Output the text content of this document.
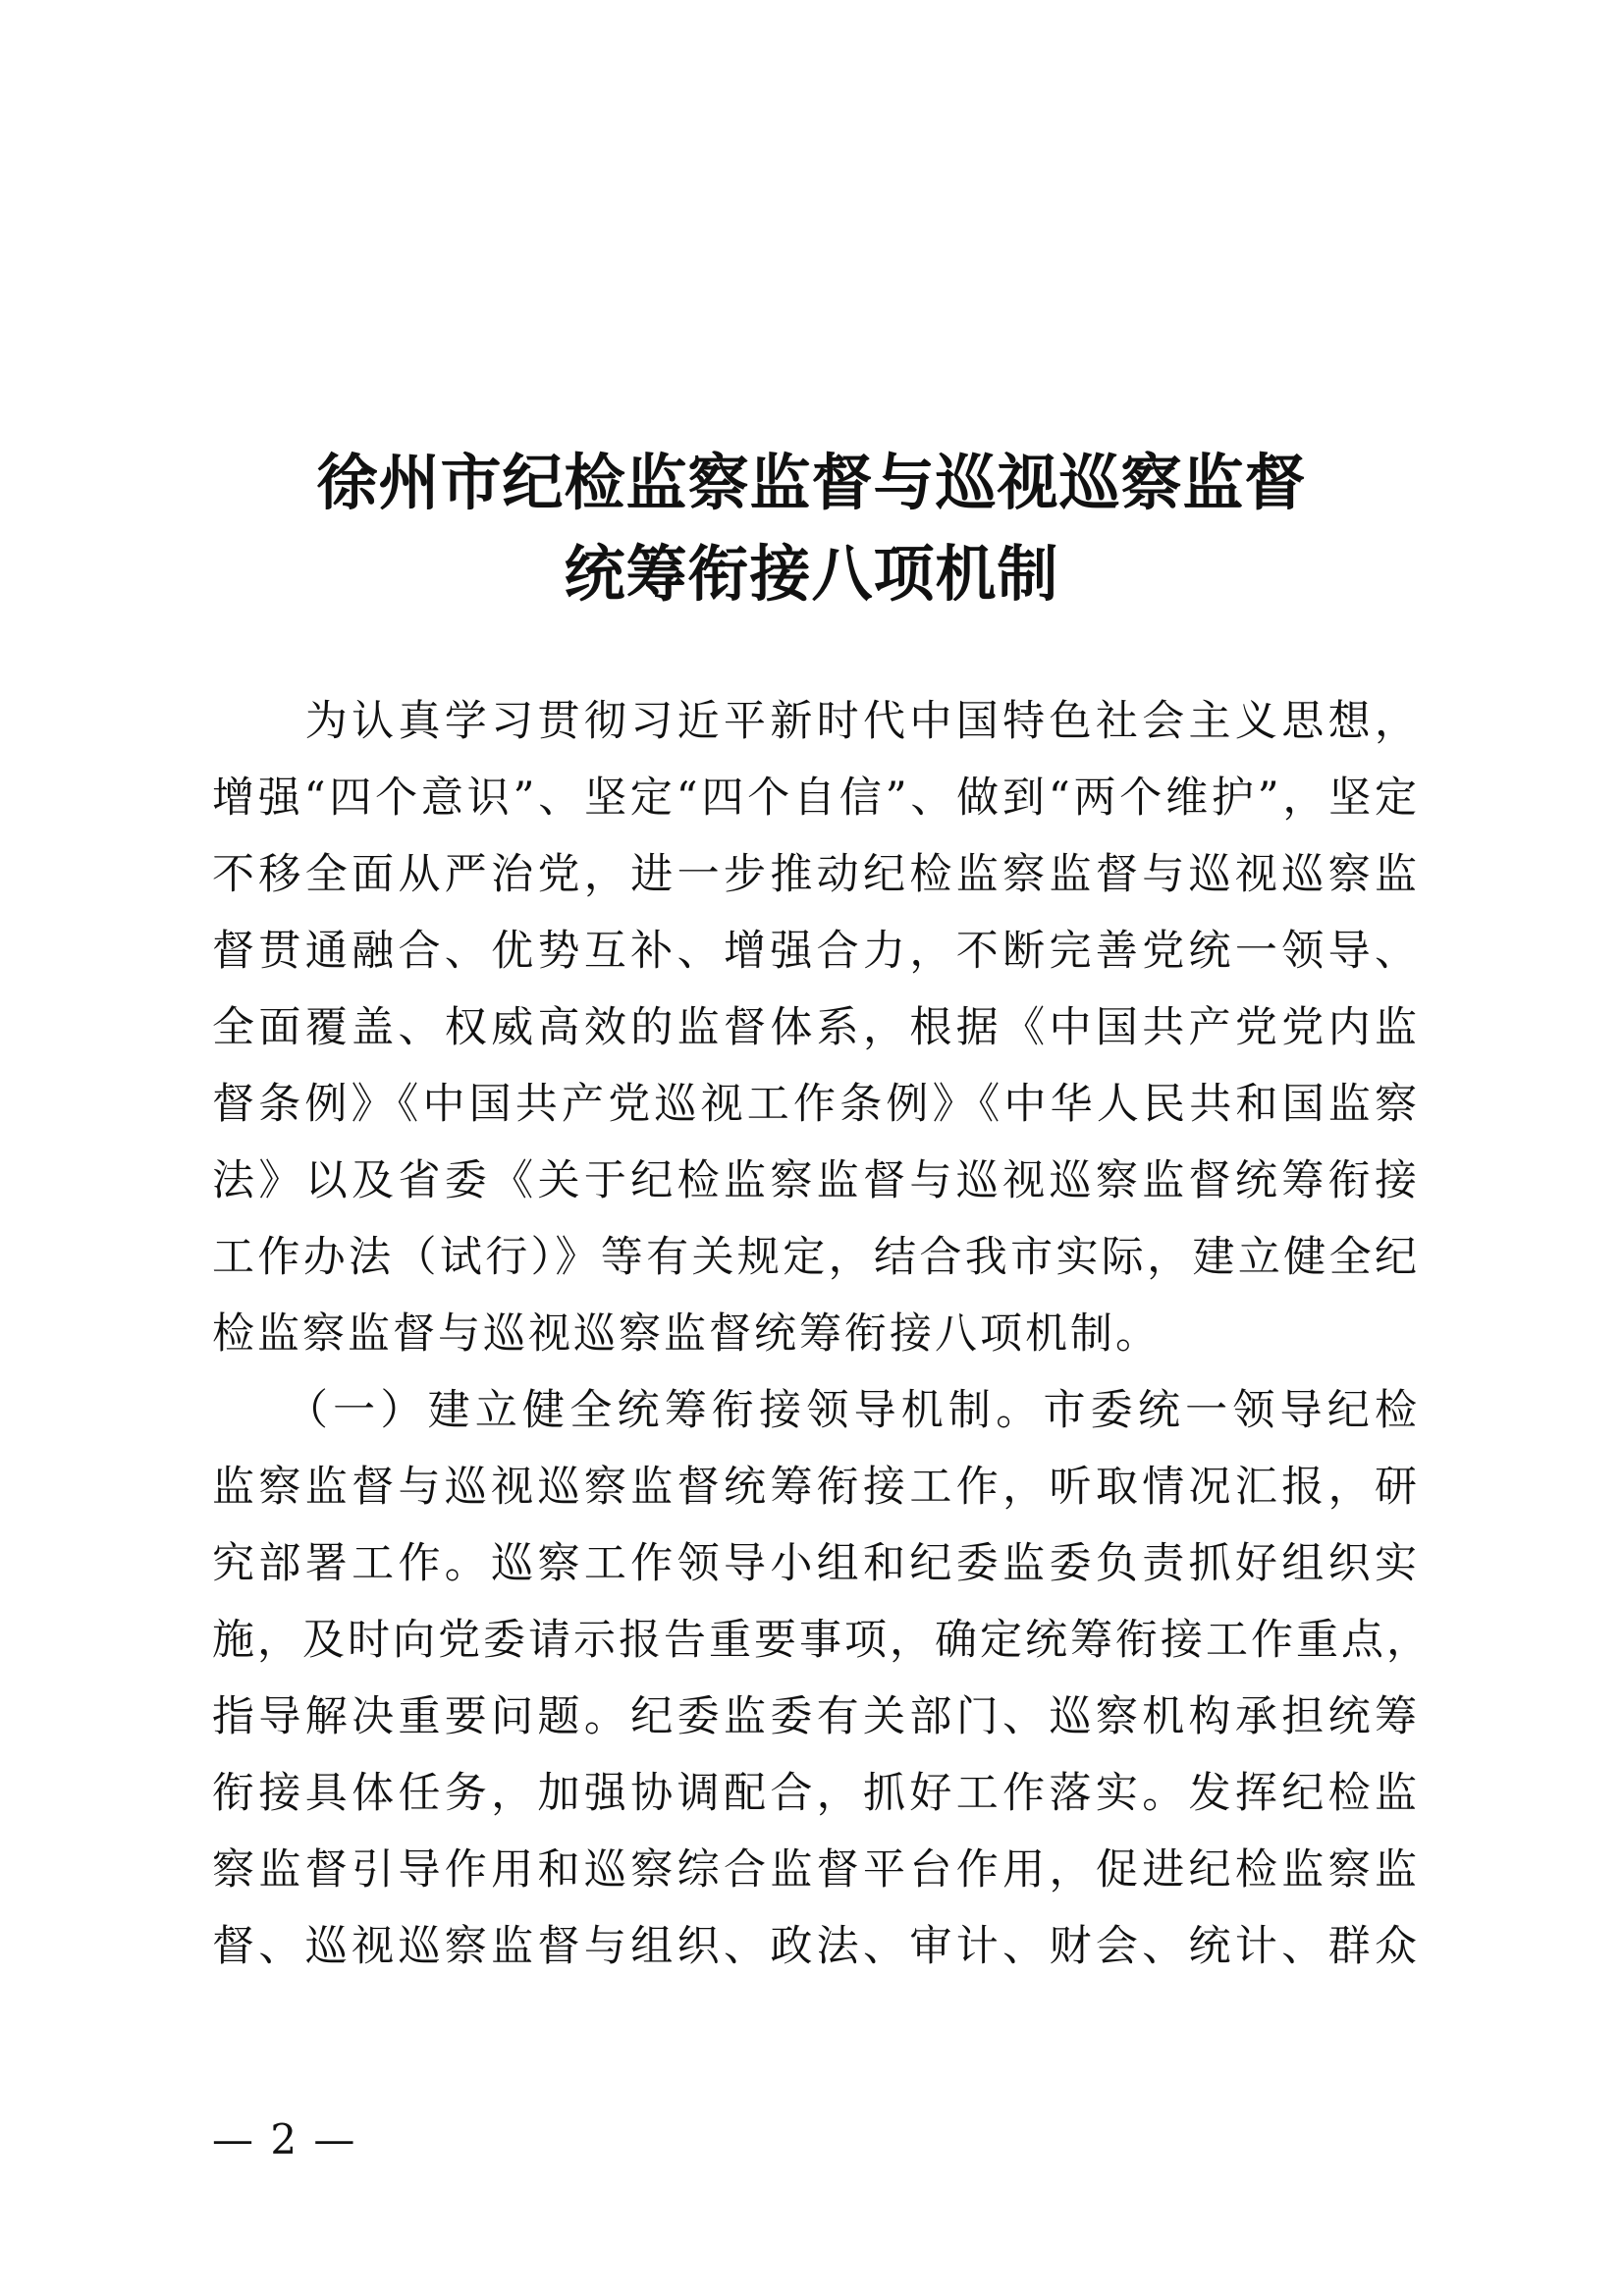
徐州市纪检监察监督与巡视巡察监督
统筹衔接八项机制
　　为认真学习贯彻习近平新时代中国特色社会主义思想，
增强“四个意识”、坚定“四个自信”、做到“两个维护”，坚定
不移全面从严治党，进一步推动纪检监察监督与巡视巡察监
督贯通融合、优势互补、增强合力，不断完善党统一领导、
全面覆盖、权威高效的监督体系，根据《中国共产党党内监
督条例》《中国共产党巡视工作条例》《中华人民共和国监察
法》以及省委《关于纪检监察监督与巡视巡察监督统筹衔接
工作办法（试行）》等有关规定，结合我市实际，建立健全纪
检监察监督与巡视巡察监督统筹衔接八项机制。
　　（一）建立健全统筹衔接领导机制。市委统一领导纪检
监察监督与巡视巡察监督统筹衔接工作，听取情况汇报，研
究部署工作。巡察工作领导小组和纪委监委负责抓好组织实
施，及时向党委请示报告重要事项，确定统筹衔接工作重点，
指导解决重要问题。纪委监委有关部门、巡察机构承担统筹
衔接具体任务，加强协调配合，抓好工作落实。发挥纪检监
察监督引导作用和巡察综合监督平台作用，促进纪检监察监
督、巡视巡察监督与组织、政法、审计、财会、统计、群众
— 2 —
